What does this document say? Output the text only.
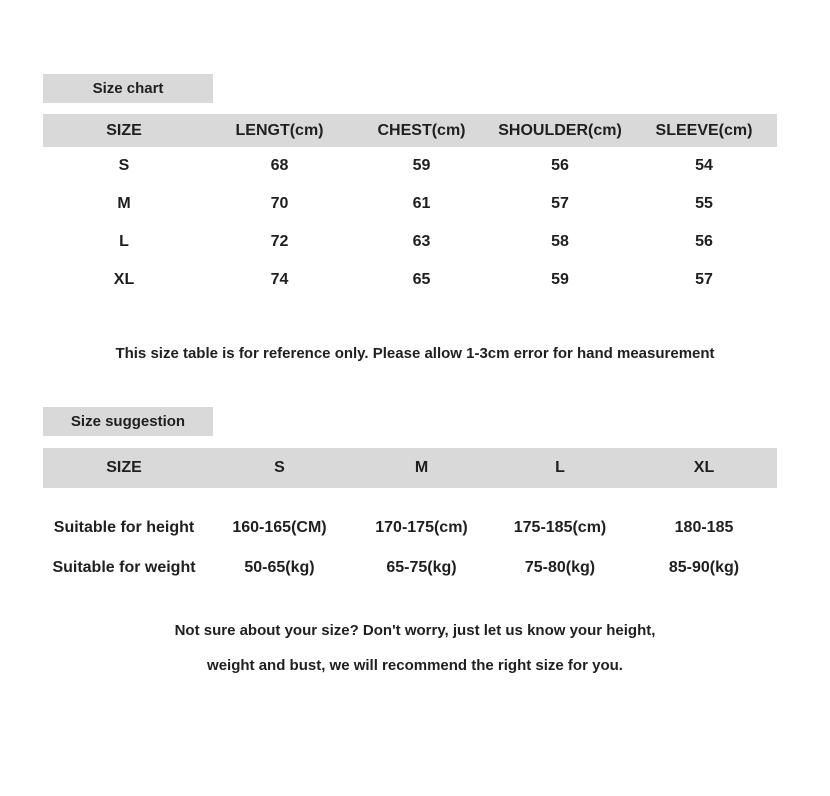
Size chart
SIZE	LENGT(cm)	CHEST(cm)	SHOULDER(cm)	SLEEVE(cm)
S	68	59	56	54
M	70	61	57	55
L	72	63	58	56
XL	74	65	59	57
This size table is for reference only. Please allow 1-3cm error for hand measurement
Size suggestion
SIZE	S	M	L	XL
Suitable for height	160-165(CM)	170-175(cm)	175-185(cm)	180-185
Suitable for weight	50-65(kg)	65-75(kg)	75-80(kg)	85-90(kg)
Not sure about your size? Don't worry, just let us know your height,
weight and bust, we will recommend the right size for you.
